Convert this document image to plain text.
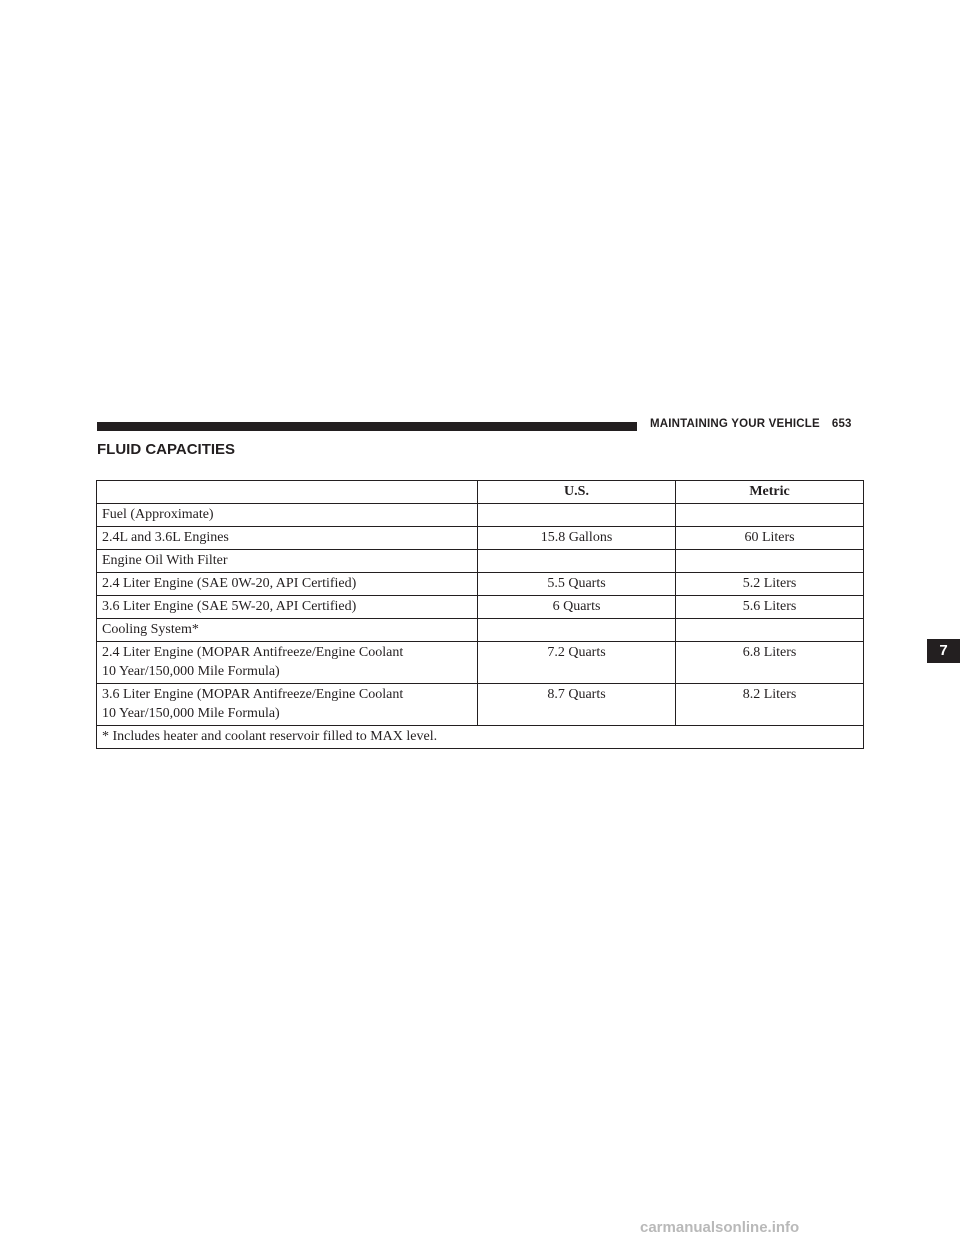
MAINTAINING YOUR VEHICLE 653
FLUID CAPACITIES
7
	U.S.	Metric
Fuel (Approximate)		
2.4L and 3.6L Engines	15.8 Gallons	60 Liters
Engine Oil With Filter		
2.4 Liter Engine (SAE 0W-20, API Certified)	5.5 Quarts	5.2 Liters
3.6 Liter Engine (SAE 5W-20, API Certified)	6 Quarts	5.6 Liters
Cooling System*		
2.4 Liter Engine (MOPAR Antifreeze/Engine Coolant
10 Year/150,000 Mile Formula)	7.2 Quarts	6.8 Liters
3.6 Liter Engine (MOPAR Antifreeze/Engine Coolant
10 Year/150,000 Mile Formula)	8.7 Quarts	8.2 Liters
* Includes heater and coolant reservoir filled to MAX level.		
carmanualsonline.info
